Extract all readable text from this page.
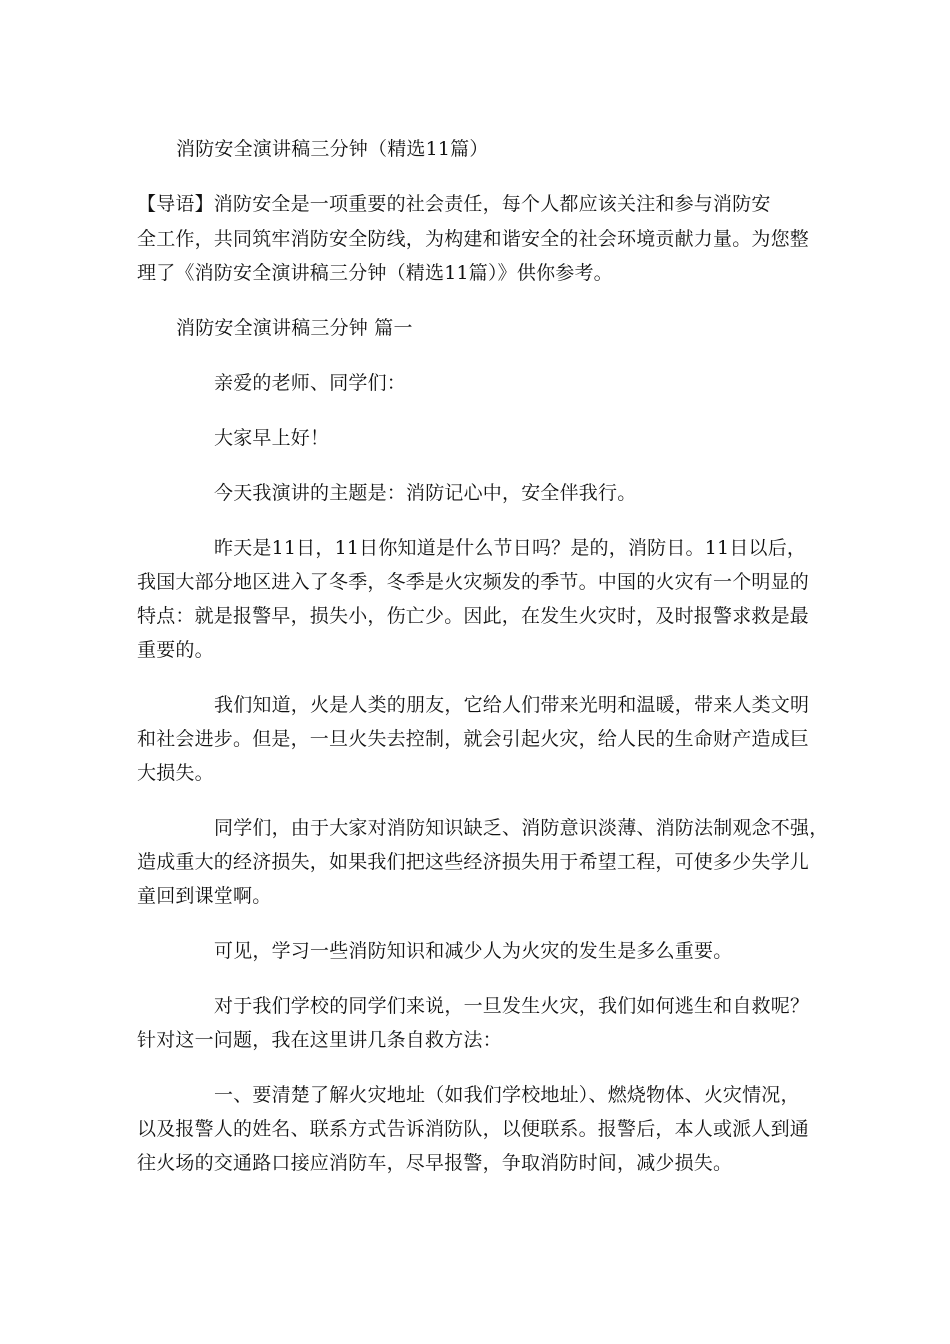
消防安全演讲稿三分钟（精选11篇）
【导语】消防安全是一项重要的社会责任，每个人都应该关注和参与消防安
全工作，共同筑牢消防安全防线，为构建和谐安全的社会环境贡献力量。为您整
理了《消防安全演讲稿三分钟（精选11篇）》供你参考。
消防安全演讲稿三分钟 篇一
亲爱的老师、同学们：
大家早上好！
今天我演讲的主题是：消防记心中，安全伴我行。
昨天是11日，11日你知道是什么节日吗？是的，消防日。11日以后，
我国大部分地区进入了冬季，冬季是火灾频发的季节。中国的火灾有一个明显的
特点：就是报警早，损失小，伤亡少。因此，在发生火灾时，及时报警求救是最
重要的。
我们知道，火是人类的朋友，它给人们带来光明和温暖，带来人类文明
和社会进步。但是，一旦火失去控制，就会引起火灾，给人民的生命财产造成巨
大损失。
同学们，由于大家对消防知识缺乏、消防意识淡薄、消防法制观念不强，
造成重大的经济损失，如果我们把这些经济损失用于希望工程，可使多少失学儿
童回到课堂啊。
可见，学习一些消防知识和减少人为火灾的发生是多么重要。
对于我们学校的同学们来说，一旦发生火灾，我们如何逃生和自救呢？
针对这一问题，我在这里讲几条自救方法：
一、要清楚了解火灾地址（如我们学校地址）、燃烧物体、火灾情况，
以及报警人的姓名、联系方式告诉消防队，以便联系。报警后，本人或派人到通
往火场的交通路口接应消防车，尽早报警，争取消防时间，减少损失。
